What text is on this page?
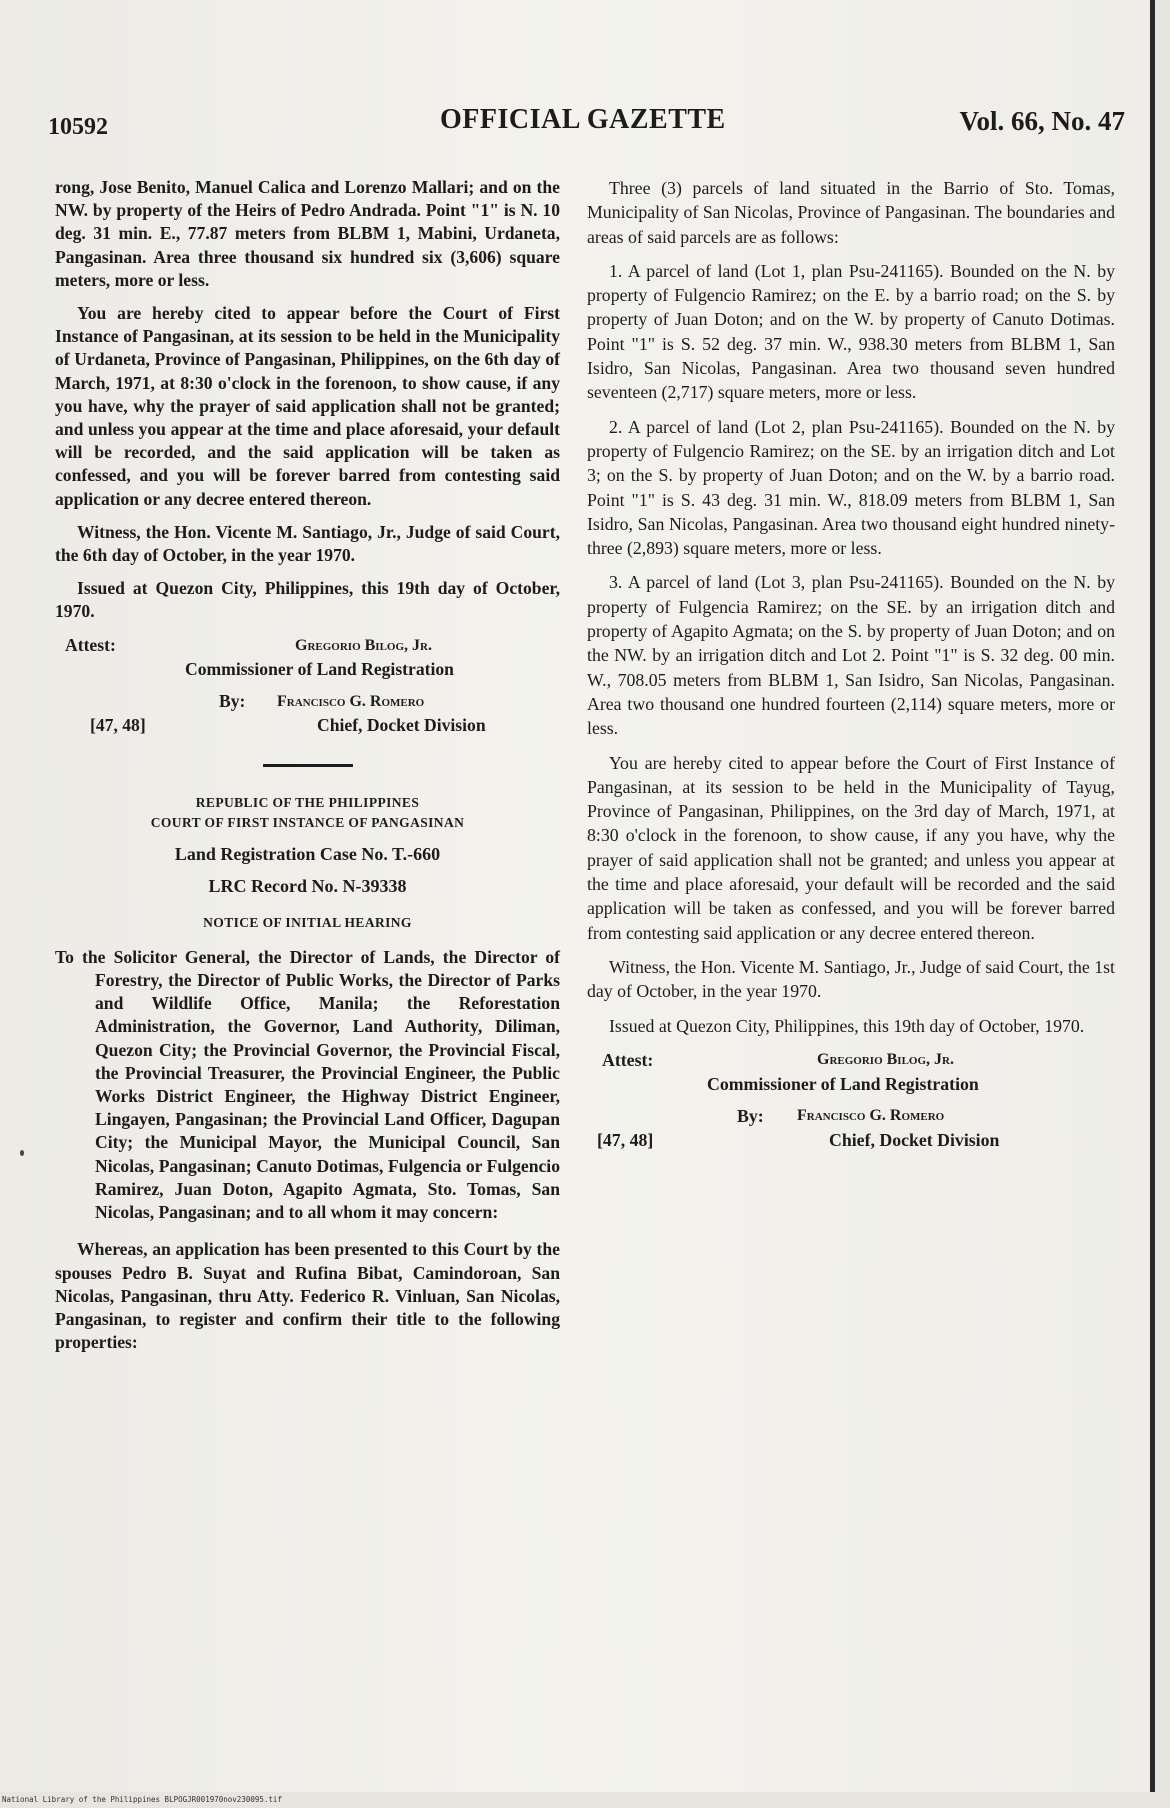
10592	OFFICIAL GAZETTE	Vol. 66, No. 47

rong, Jose Benito, Manuel Calica and Lorenzo Mallari; and on the NW. by property of the Heirs of Pedro Andrada. Point "1" is N. 10 deg. 31 min. E., 77.87 meters from BLBM 1, Mabini, Urdaneta, Pangasinan. Area three thousand six hundred six (3,606) square meters, more or less.

You are hereby cited to appear before the Court of First Instance of Pangasinan, at its session to be held in the Municipality of Urdaneta, Province of Pangasinan, Philippines, on the 6th day of March, 1971, at 8:30 o'clock in the forenoon, to show cause, if any you have, why the prayer of said application shall not be granted; and unless you appear at the time and place aforesaid, your default will be recorded, and the said application will be taken as confessed, and you will be forever barred from contesting said application or any decree entered thereon.

Witness, the Hon. Vicente M. Santiago, Jr., Judge of said Court, the 6th day of October, in the year 1970.

Issued at Quezon City, Philippines, this 19th day of October, 1970.

Attest:	Gregorio Bilog, Jr.
Commissioner of Land Registration
By: Francisco G. Romero
[47, 48]	Chief, Docket Division
REPUBLIC OF THE PHILIPPINES
COURT OF FIRST INSTANCE OF PANGASINAN
Land Registration Case No. T.-660
LRC Record No. N-39338
NOTICE OF INITIAL HEARING

To the Solicitor General, the Director of Lands, the Director of Forestry, the Director of Public Works, the Director of Parks and Wildlife Office, Manila; the Reforestation Administration, the Governor, Land Authority, Diliman, Quezon City; the Provincial Governor, the Provincial Fiscal, the Provincial Treasurer, the Provincial Engineer, the Public Works District Engineer, the Highway District Engineer, Lingayen, Pangasinan; the Provincial Land Officer, Dagupan City; the Municipal Mayor, the Municipal Council, San Nicolas, Pangasinan; Canuto Dotimas, Fulgencia or Fulgencio Ramirez, Juan Doton, Agapito Agmata, Sto. Tomas, San Nicolas, Pangasinan; and to all whom it may concern:

Whereas, an application has been presented to this Court by the spouses Pedro B. Suyat and Rufina Bibat, Camindoroan, San Nicolas, Pangasinan, thru Atty. Federico R. Vinluan, San Nicolas, Pangasinan, to register and confirm their title to the following properties:

Three (3) parcels of land situated in the Barrio of Sto. Tomas, Municipality of San Nicolas, Province of Pangasinan. The boundaries and areas of said parcels are as follows:

1. A parcel of land (Lot 1, plan Psu-241165). Bounded on the N. by property of Fulgencio Ramirez; on the E. by a barrio road; on the S. by property of Juan Doton; and on the W. by property of Canuto Dotimas. Point "1" is S. 52 deg. 37 min. W., 938.30 meters from BLBM 1, San Isidro, San Nicolas, Pangasinan. Area two thousand seven hundred seventeen (2,717) square meters, more or less.

2. A parcel of land (Lot 2, plan Psu-241165). Bounded on the N. by property of Fulgencio Ramirez; on the SE. by an irrigation ditch and Lot 3; on the S. by property of Juan Doton; and on the W. by a barrio road. Point "1" is S. 43 deg. 31 min. W., 818.09 meters from BLBM 1, San Isidro, San Nicolas, Pangasinan. Area two thousand eight hundred ninety-three (2,893) square meters, more or less.

3. A parcel of land (Lot 3, plan Psu-241165). Bounded on the N. by property of Fulgencia Ramirez; on the SE. by an irrigation ditch and property of Agapito Agmata; on the S. by property of Juan Doton; and on the NW. by an irrigation ditch and Lot 2. Point "1" is S. 32 deg. 00 min. W., 708.05 meters from BLBM 1, San Isidro, San Nicolas, Pangasinan. Area two thousand one hundred fourteen (2,114) square meters, more or less.

You are hereby cited to appear before the Court of First Instance of Pangasinan, at its session to be held in the Municipality of Tayug, Province of Pangasinan, Philippines, on the 3rd day of March, 1971, at 8:30 o'clock in the forenoon, to show cause, if any you have, why the prayer of said application shall not be granted; and unless you appear at the time and place aforesaid, your default will be recorded and the said application will be taken as confessed, and you will be forever barred from contesting said application or any decree entered thereon.

Witness, the Hon. Vicente M. Santiago, Jr., Judge of said Court, the 1st day of October, in the year 1970.

Issued at Quezon City, Philippines, this 19th day of October, 1970.

Attest:	Gregorio Bilog, Jr.
Commissioner of Land Registration
By: Francisco G. Romero
[47, 48]	Chief, Docket Division
National Library of the Philippines BLPOGJR001970nov230095.tif
